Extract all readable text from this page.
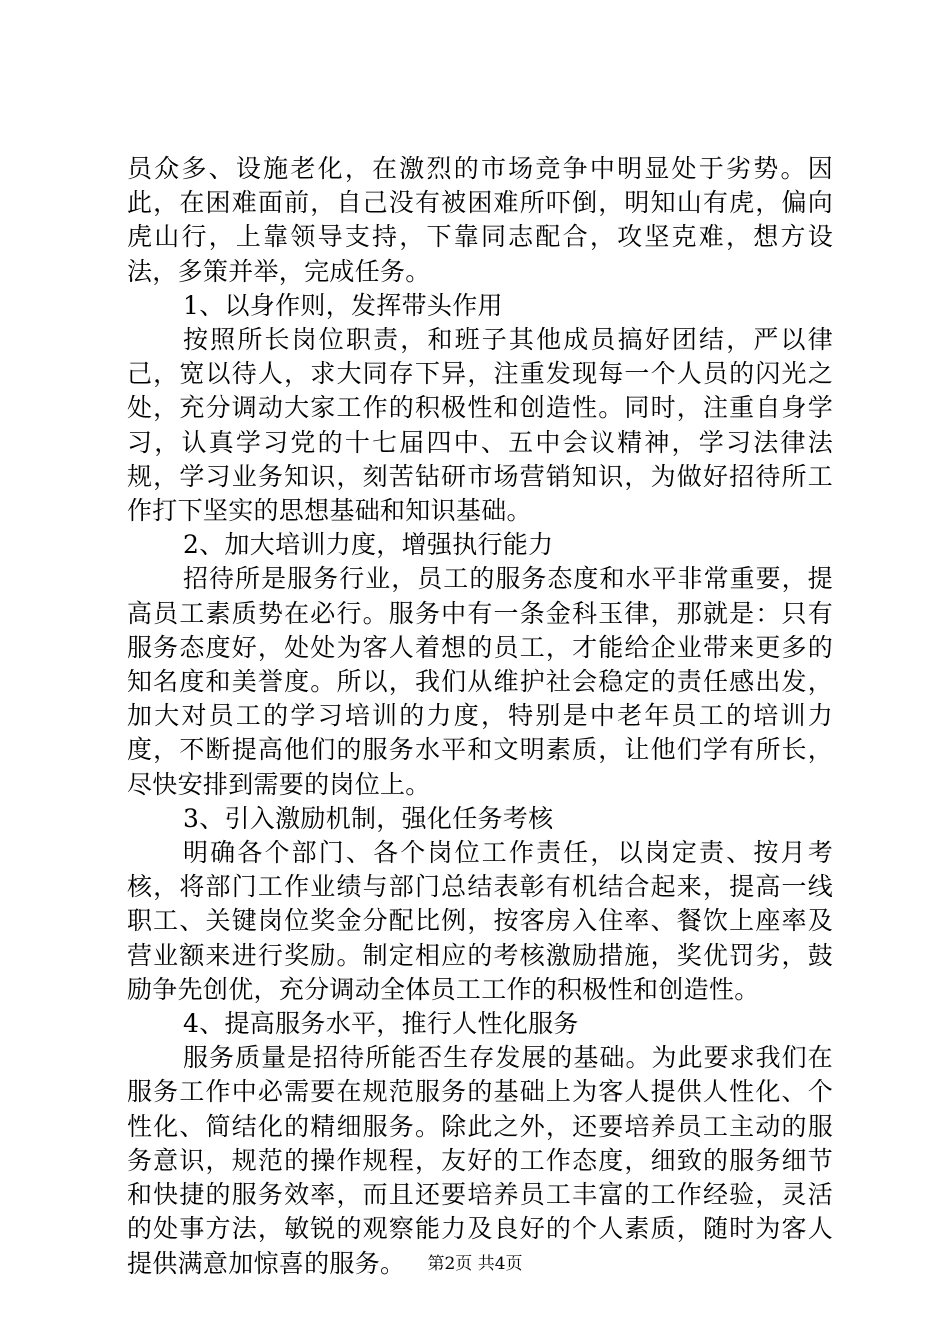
员众多、设施老化，在激烈的市场竞争中明显处于劣势。因此，在困难面前，自己没有被困难所吓倒，明知山有虎，偏向虎山行，上靠领导支持，下靠同志配合，攻坚克难，想方设法，多策并举，完成任务。

1、以身作则，发挥带头作用

按照所长岗位职责，和班子其他成员搞好团结，严以律己，宽以待人，求大同存下异，注重发现每一个人员的闪光之处，充分调动大家工作的积极性和创造性。同时，注重自身学习，认真学习党的十七届四中、五中会议精神，学习法律法规，学习业务知识，刻苦钻研市场营销知识，为做好招待所工作打下坚实的思想基础和知识基础。

2、加大培训力度，增强执行能力

招待所是服务行业，员工的服务态度和水平非常重要，提高员工素质势在必行。服务中有一条金科玉律，那就是：只有服务态度好，处处为客人着想的员工，才能给企业带来更多的知名度和美誉度。所以，我们从维护社会稳定的责任感出发，加大对员工的学习培训的力度，特别是中老年员工的培训力度，不断提高他们的服务水平和文明素质，让他们学有所长，尽快安排到需要的岗位上。

3、引入激励机制，强化任务考核

明确各个部门、各个岗位工作责任，以岗定责、按月考核，将部门工作业绩与部门总结表彰有机结合起来，提高一线职工、关键岗位奖金分配比例，按客房入住率、餐饮上座率及营业额来进行奖励。制定相应的考核激励措施，奖优罚劣，鼓励争先创优，充分调动全体员工工作的积极性和创造性。

4、提高服务水平，推行人性化服务

服务质量是招待所能否生存发展的基础。为此要求我们在服务工作中必需要在规范服务的基础上为客人提供人性化、个性化、简结化的精细服务。除此之外，还要培养员工主动的服务意识，规范的操作规程，友好的工作态度，细致的服务细节和快捷的服务效率，而且还要培养员工丰富的工作经验，灵活的处事方法，敏锐的观察能力及良好的个人素质，随时为客人提供满意加惊喜的服务。	第2页 共4页
